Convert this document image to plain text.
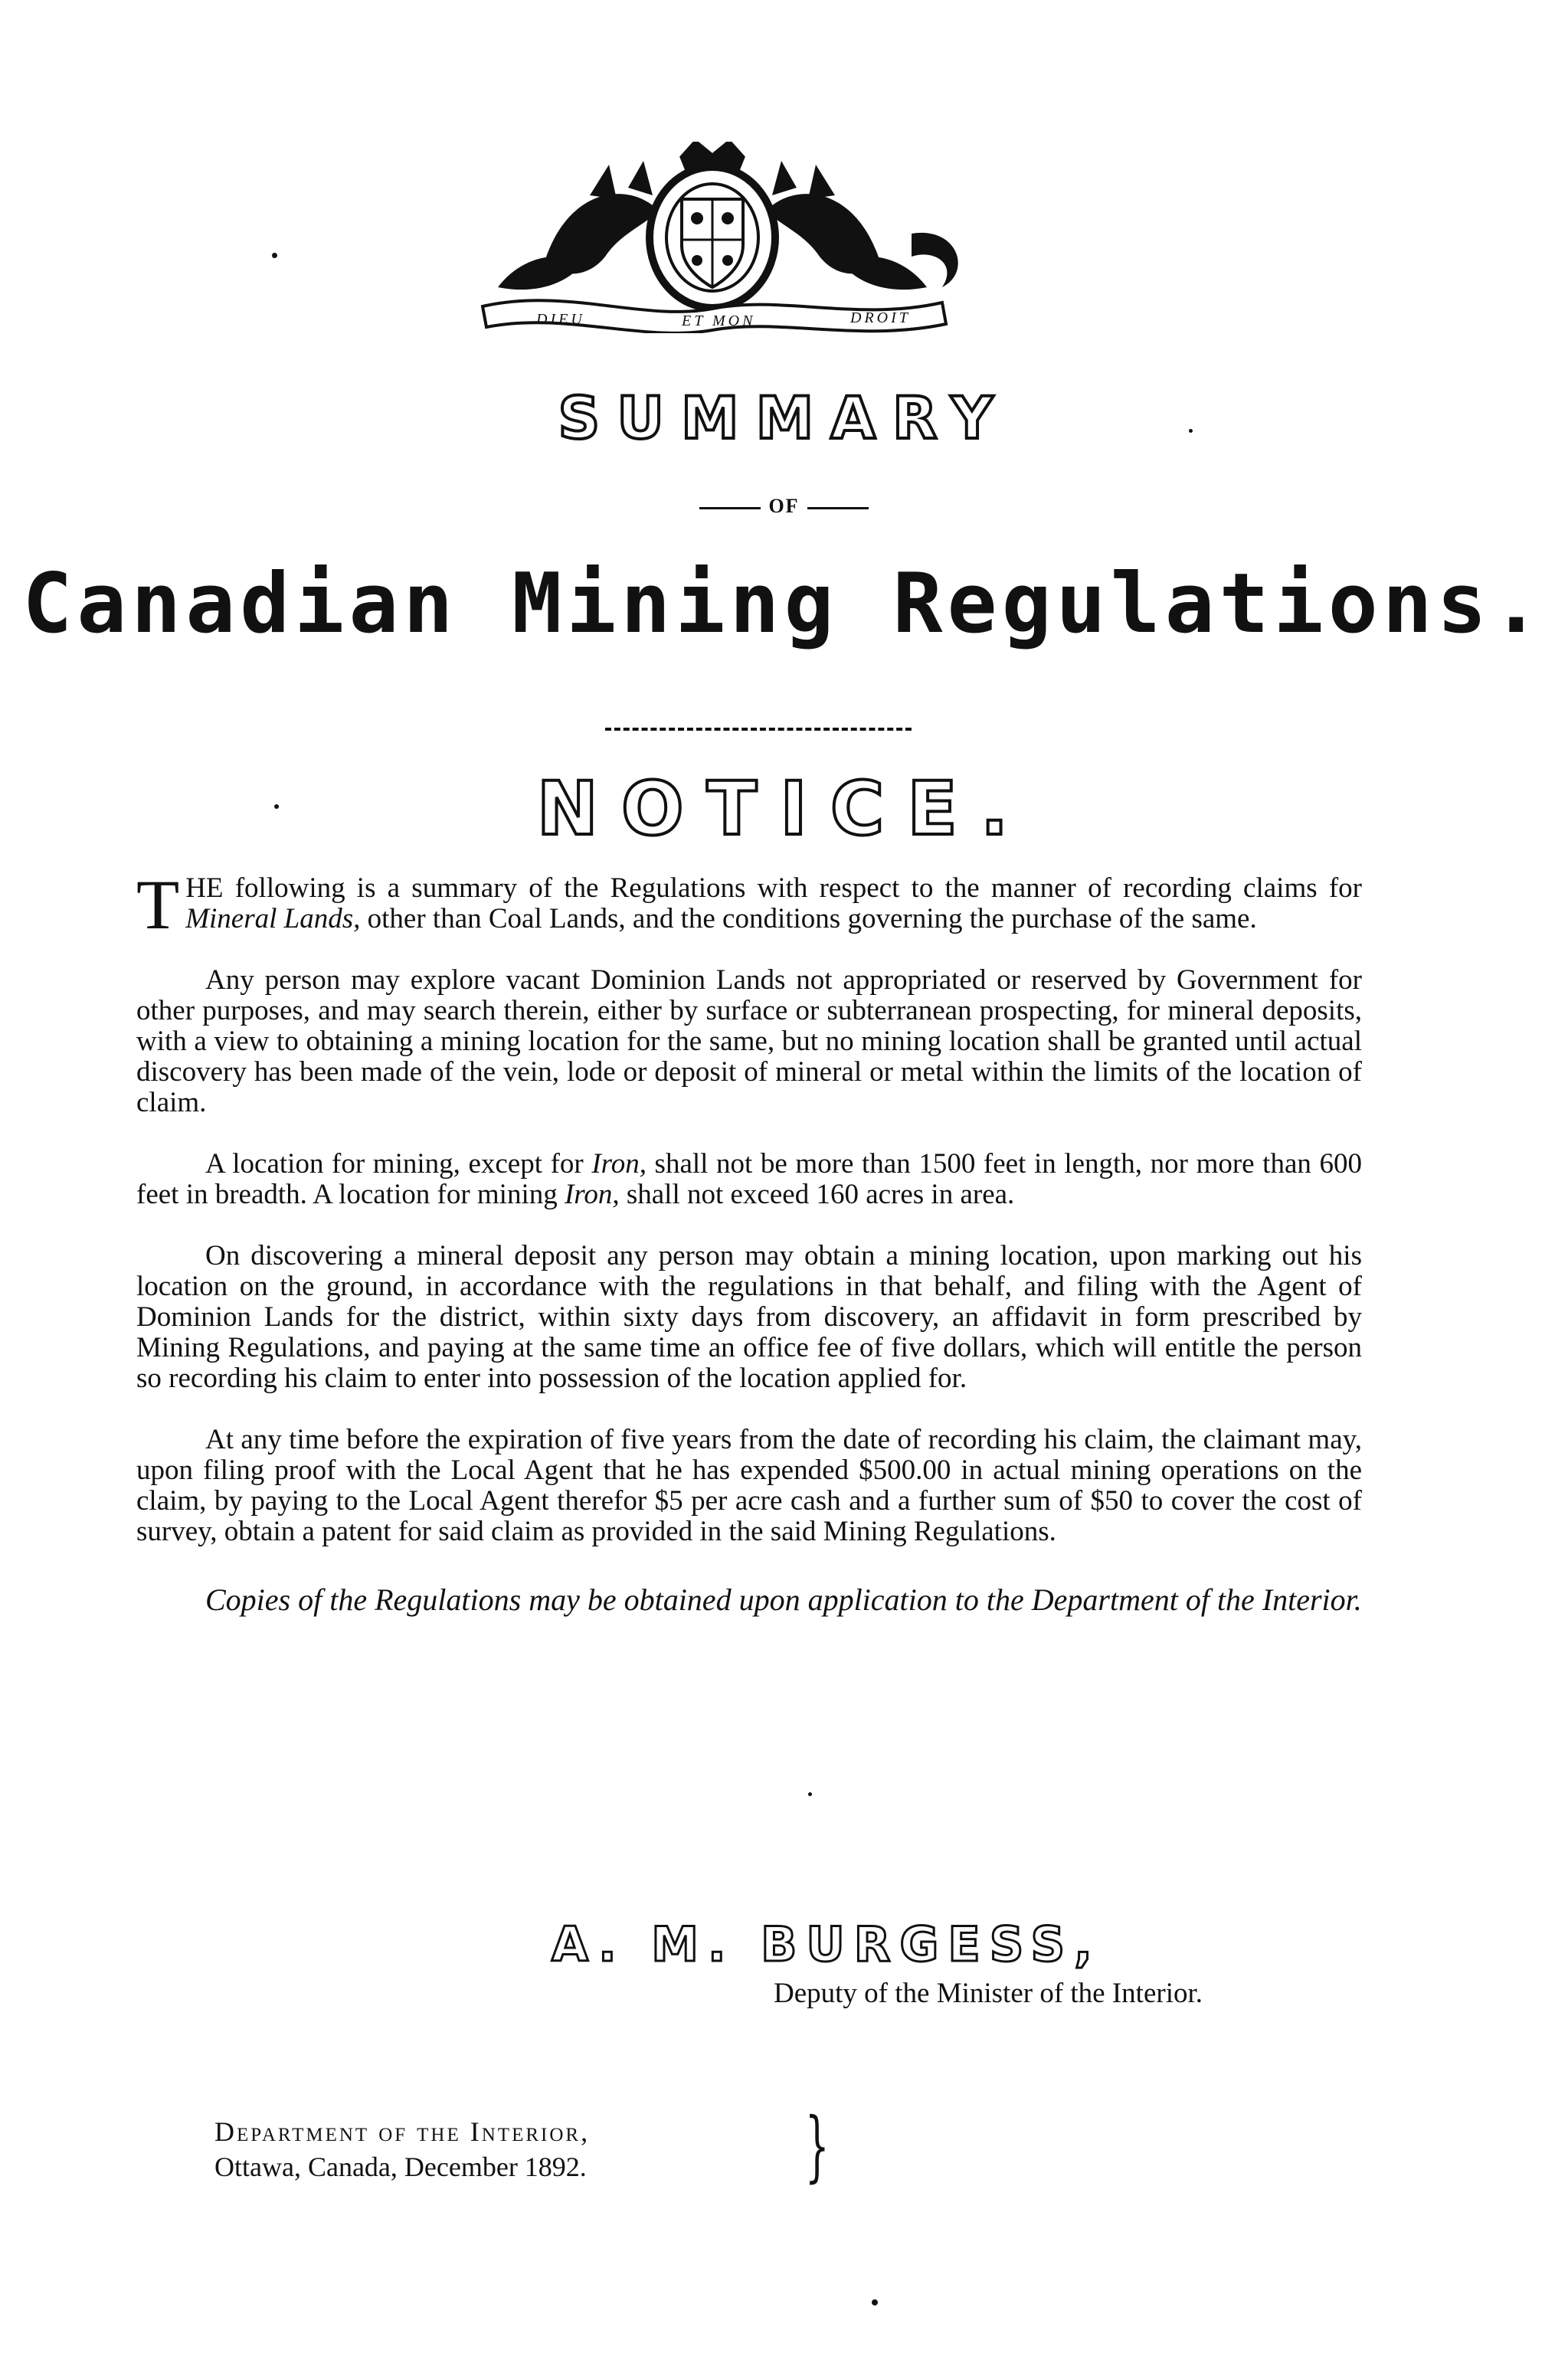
DIEU	ET MON	DROIT
SUMMARY
OF
Canadian Mining Regulations.
NOTICE.

THE following is a summary of the Regulations with respect to the manner of recording claims for Mineral Lands, other than Coal Lands, and the conditions governing the purchase of the same.

Any person may explore vacant Dominion Lands not appropriated or reserved by Government for other purposes, and may search therein, either by surface or subterranean prospecting, for mineral deposits, with a view to obtaining a mining location for the same, but no mining location shall be granted until actual discovery has been made of the vein, lode or deposit of mineral or metal within the limits of the location of claim.

A location for mining, except for Iron, shall not be more than 1500 feet in length, nor more than 600 feet in breadth. A location for mining Iron, shall not exceed 160 acres in area.

On discovering a mineral deposit any person may obtain a mining location, upon marking out his location on the ground, in accordance with the regulations in that behalf, and filing with the Agent of Dominion Lands for the district, within sixty days from discovery, an affidavit in form prescribed by Mining Regulations, and paying at the same time an office fee of five dollars, which will entitle the person so recording his claim to enter into possession of the location applied for.

At any time before the expiration of five years from the date of recording his claim, the claimant may, upon filing proof with the Local Agent that he has expended $500.00 in actual mining operations on the claim, by paying to the Local Agent therefor $5 per acre cash and a further sum of $50 to cover the cost of survey, obtain a patent for said claim as provided in the said Mining Regulations.

Copies of the Regulations may be obtained upon application to the Department of the Interior.

A. M. BURGESS,
Deputy of the Minister of the Interior.
Department of the Interior,
Ottawa, Canada, December 1892.	}
